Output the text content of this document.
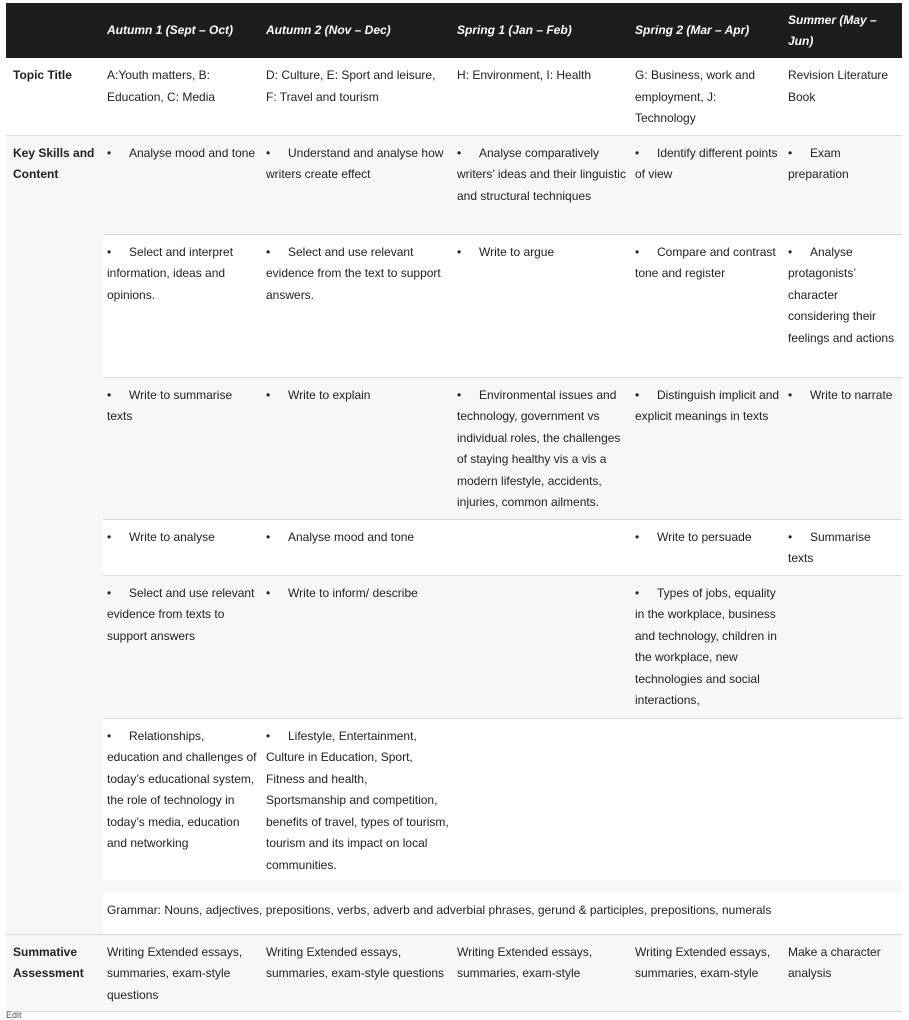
	Autumn 1 (Sept – Oct)	Autumn 2 (Nov – Dec)	Spring 1 (Jan – Feb)	Spring 2 (Mar – Apr)	Summer (May – Jun)
Topic Title	A:Youth matters, B: Education, C: Media	D: Culture, E: Sport and leisure, F: Travel and tourism	H: Environment, I: Health	G: Business, work and employment, J: Technology	Revision Literature Book
Key Skills and Content	• Analyse mood and tone	• Understand and analyse how writers create effect	• Analyse comparatively writers’ ideas and their linguistic and structural techniques	• Identify different points of view	• Exam preparation
	• Select and interpret information, ideas and opinions.	• Select and use relevant evidence from the text to support answers.	• Write to argue	• Compare and contrast tone and register	• Analyse protagonists’ character considering their feelings and actions
	• Write to summarise texts	• Write to explain	• Environmental issues and technology, government vs individual roles, the challenges of staying healthy vis a vis a modern lifestyle, accidents, injuries, common ailments.	• Distinguish implicit and explicit meanings in texts	• Write to narrate
	• Write to analyse	• Analyse mood and tone		• Write to persuade	• Summarise texts
	• Select and use relevant evidence from texts to support answers	• Write to inform/ describe		• Types of jobs, equality in the workplace, business and technology, children in the workplace, new technologies and social interactions,	
	• Relationships, education and challenges of today’s educational system, the role of technology in today’s media, education and networking	• Lifestyle, Entertainment, Culture in Education, Sport, Fitness and health, Sportsmanship and competition, benefits of travel, types of tourism, tourism and its impact on local communities.			
	Grammar: Nouns, adjectives, prepositions, verbs, adverb and adverbial phrases, gerund & participles, prepositions, numerals				
Summative Assessment	Writing Extended essays, summaries, exam-style questions	Writing Extended essays, summaries, exam-style questions	Writing Extended essays, summaries, exam-style	Writing Extended essays, summaries, exam-style	Make a character analysis
Edit
